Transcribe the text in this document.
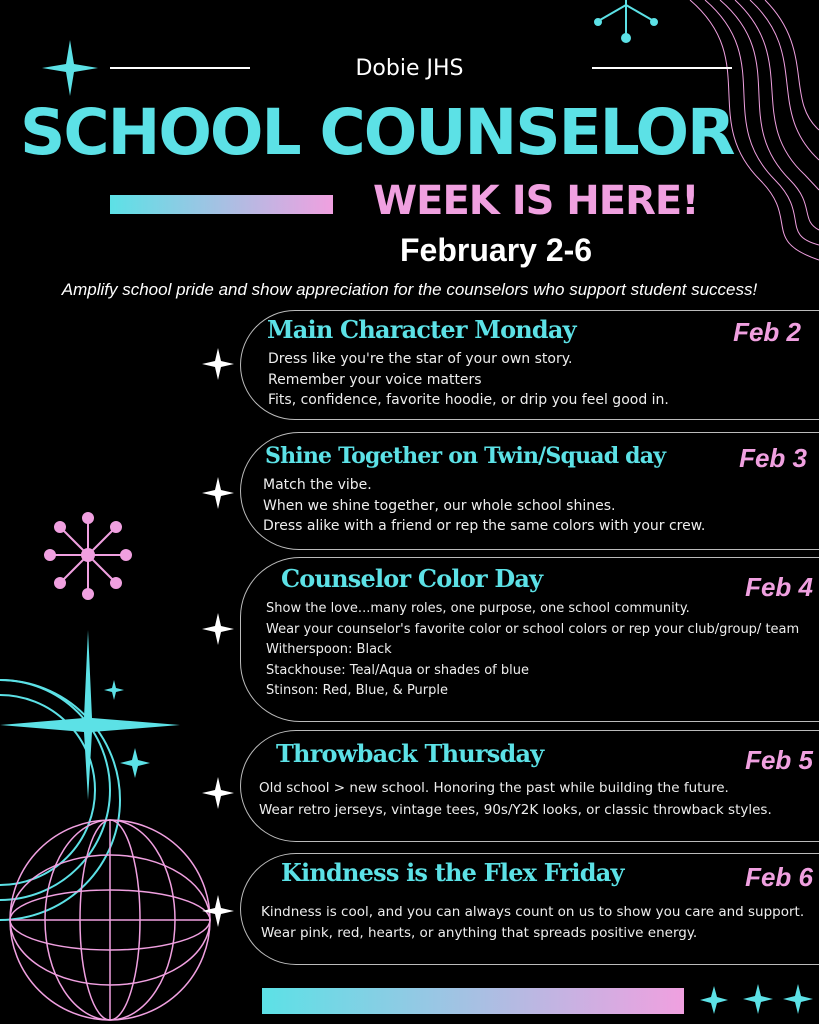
Dobie JHS
SCHOOL COUNSELOR
WEEK IS HERE!
February 2-6
Amplify school pride and show appreciation for the counselors who support student success!
Main Character Monday	Feb 2
Dress like you're the star of your own story.
Remember your voice matters
Fits, confidence, favorite hoodie, or drip you feel good in.
Shine Together on Twin/Squad day	Feb 3
Match the vibe.
When we shine together, our whole school shines.
Dress alike with a friend or rep the same colors with your crew.
Counselor Color Day	Feb 4
Show the love...many roles, one purpose, one school community.
Wear your counselor's favorite color or school colors or rep your club/group/ team
Witherspoon: Black
Stackhouse: Teal/Aqua or shades of blue
Stinson: Red, Blue, & Purple
Throwback Thursday	Feb 5
Old school > new school. Honoring the past while building the future.
Wear retro jerseys, vintage tees, 90s/Y2K looks, or classic throwback styles.
Kindness is the Flex Friday	Feb 6
Kindness is cool, and you can always count on us to show you care and support.
Wear pink, red, hearts, or anything that spreads positive energy.
